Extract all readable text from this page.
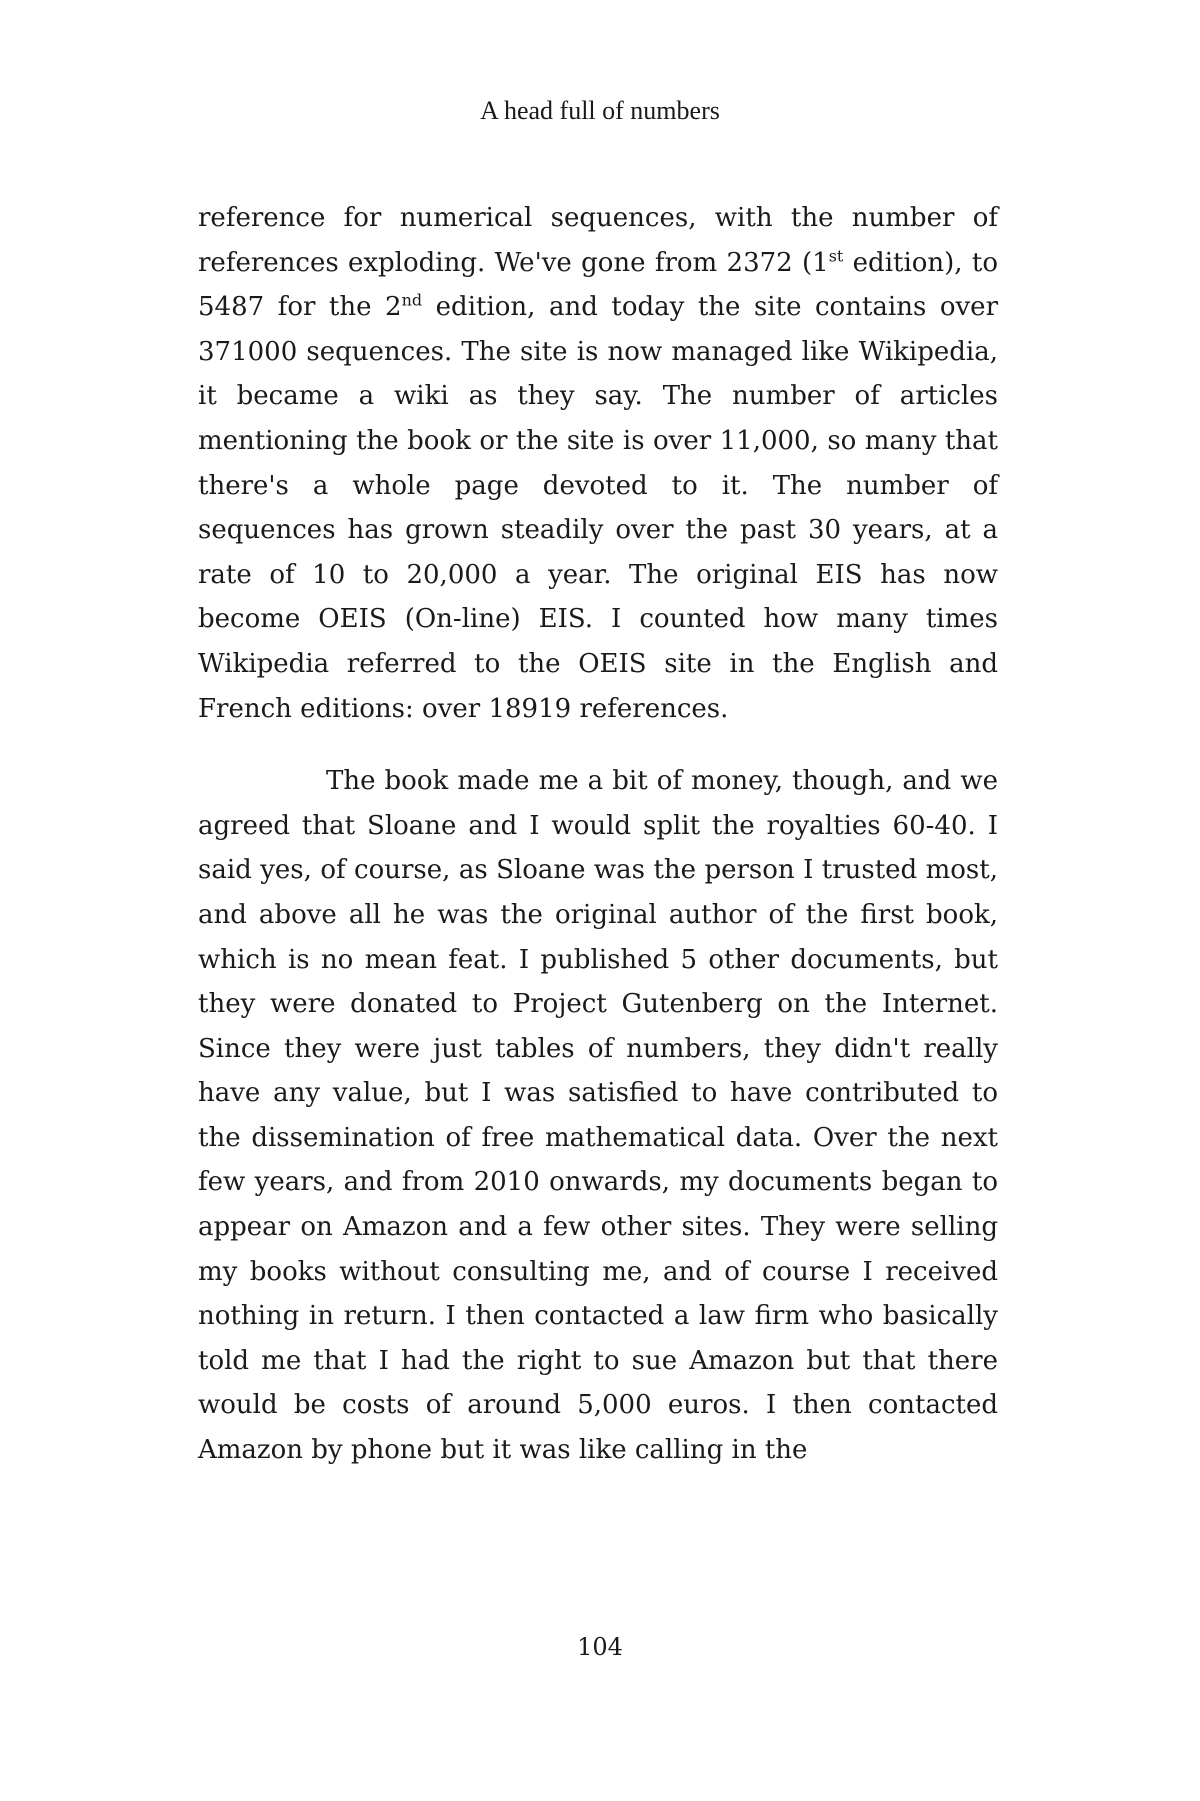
A head full of numbers

reference for numerical sequences, with the number of references exploding. We've gone from 2372 (1st edition), to 5487 for the 2nd edition, and today the site contains over 371000 sequences. The site is now managed like Wikipedia, it became a wiki as they say. The number of articles mentioning the book or the site is over 11,000, so many that there's a whole page devoted to it. The number of sequences has grown steadily over the past 30 years, at a rate of 10 to 20,000 a year. The original EIS has now become OEIS (On-line) EIS. I counted how many times Wikipedia referred to the OEIS site in the English and French editions: over 18919 references.

The book made me a bit of money, though, and we agreed that Sloane and I would split the royalties 60-40. I said yes, of course, as Sloane was the person I trusted most, and above all he was the original author of the first book, which is no mean feat. I published 5 other documents, but they were donated to Project Gutenberg on the Internet. Since they were just tables of numbers, they didn't really have any value, but I was satisfied to have contributed to the dissemination of free mathematical data. Over the next few years, and from 2010 onwards, my documents began to appear on Amazon and a few other sites. They were selling my books without consulting me, and of course I received nothing in return. I then contacted a law firm who basically told me that I had the right to sue Amazon but that there would be costs of around 5,000 euros. I then contacted Amazon by phone but it was like calling in the

104
